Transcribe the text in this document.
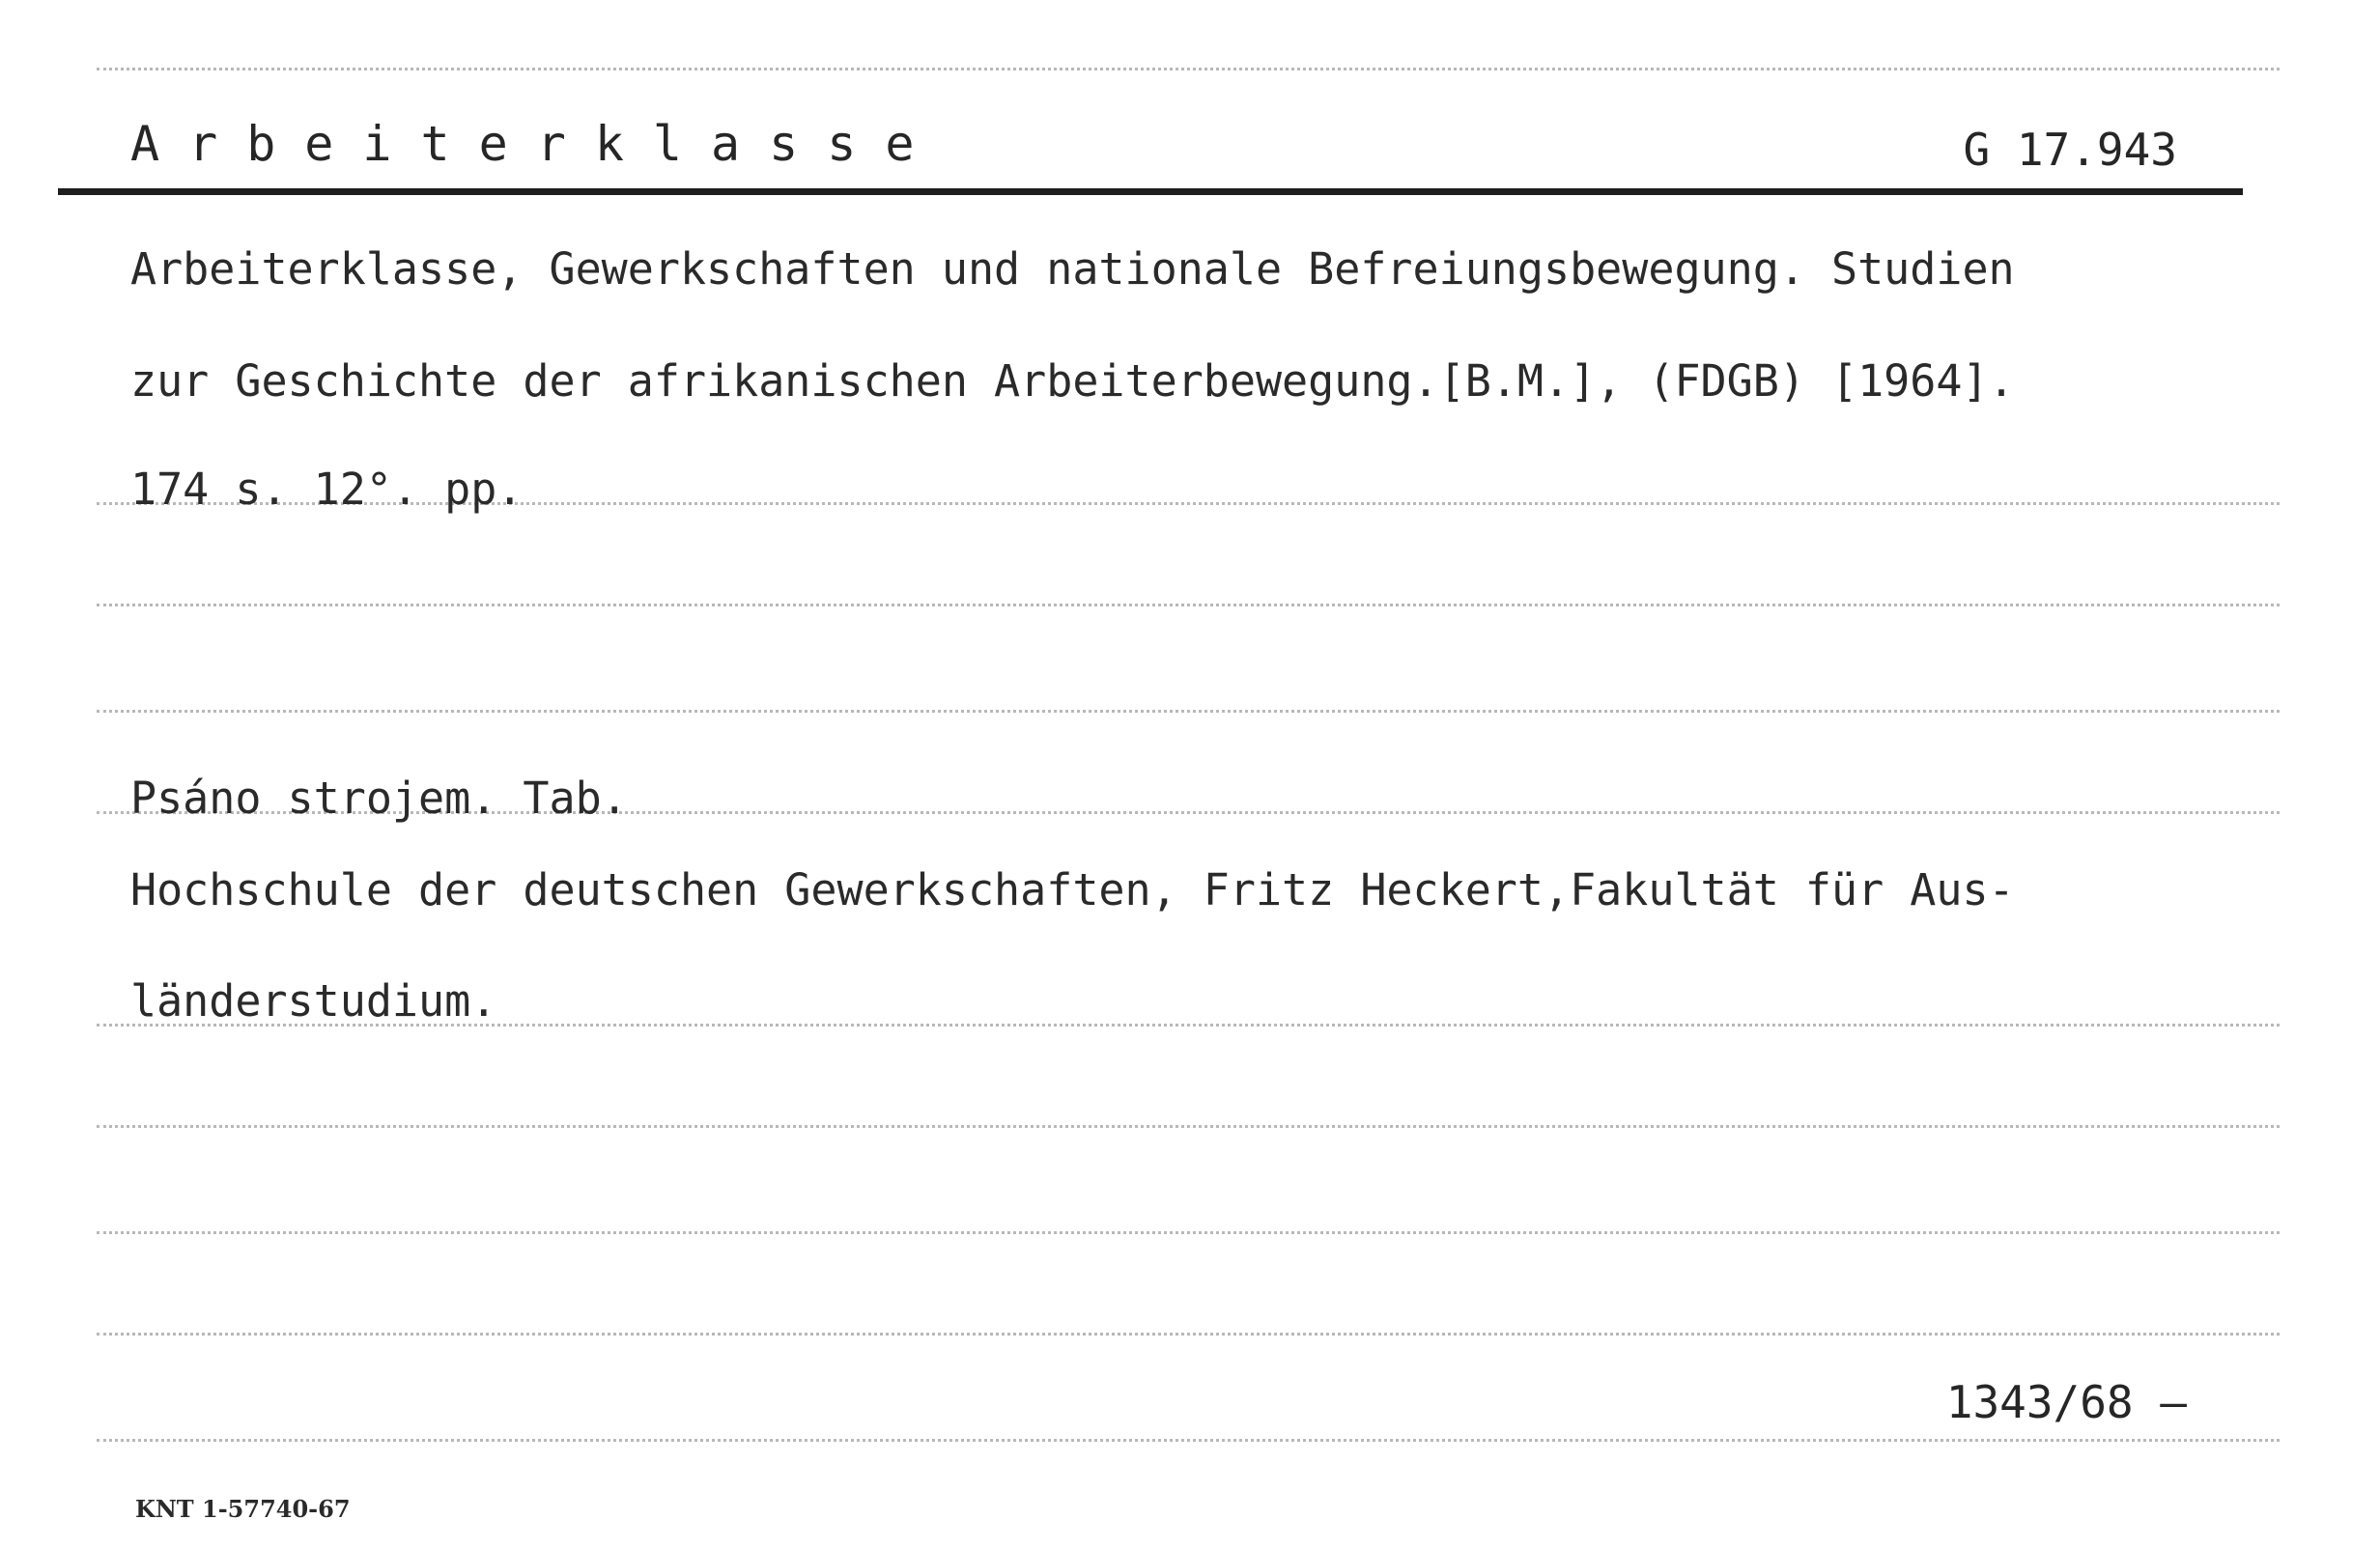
Arbeiterklasse	G 17.943
Arbeiterklasse, Gewerkschaften und nationale Befreiungsbewegung. Studien
zur Geschichte der afrikanischen Arbeiterbewegung.[B.M.], (FDGB) [1964].
174 s. 12°. pp.
Psáno strojem. Tab.
Hochschule der deutschen Gewerkschaften, Fritz Heckert,Fakultät für Aus-
länderstudium.
1343/68 —
KNT 1-57740-67
